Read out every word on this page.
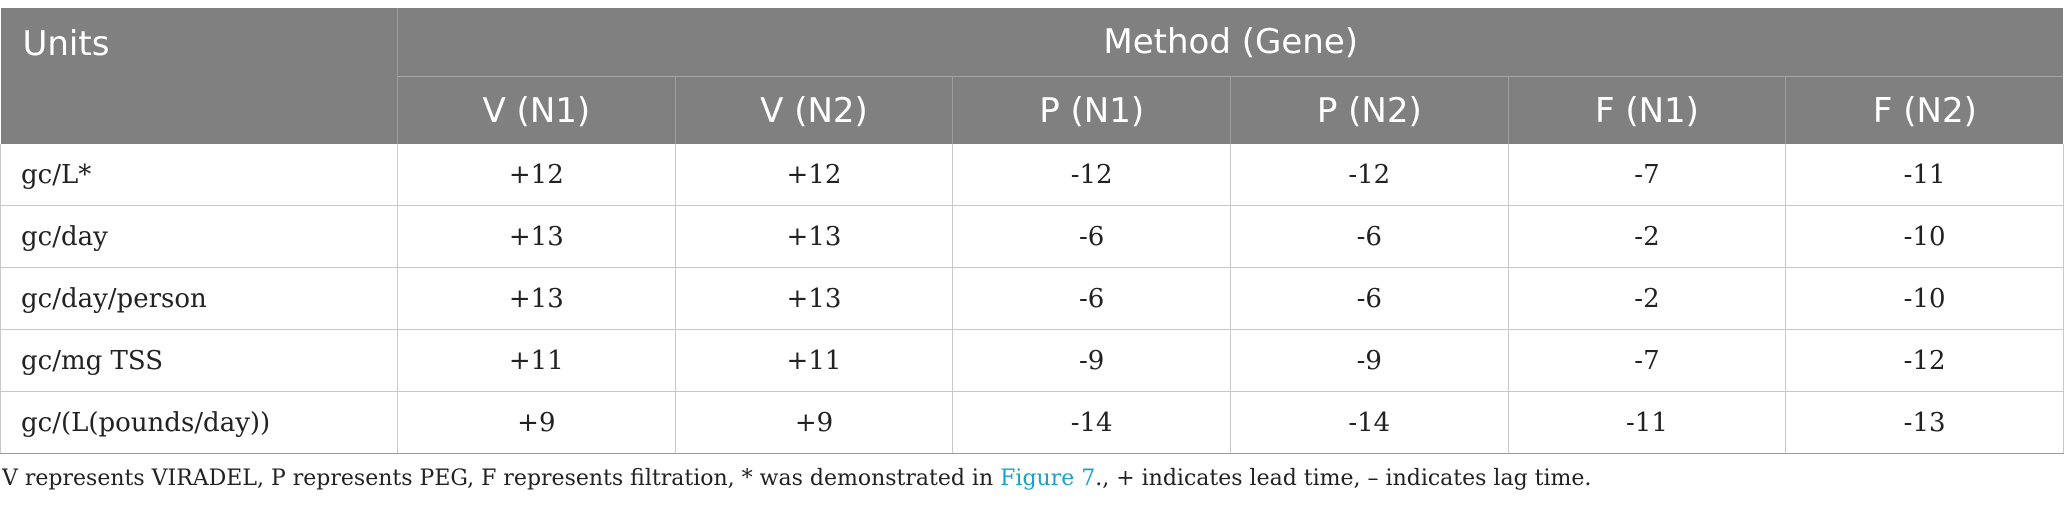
Units	Method (Gene)					
	V (N1)	V (N2)	P (N1)	P (N2)	F (N1)	F (N2)
gc/L*	+12	+12	-12	-12	-7	-11
gc/day	+13	+13	-6	-6	-2	-10
gc/day/person	+13	+13	-6	-6	-2	-10
gc/mg TSS	+11	+11	-9	-9	-7	-12
gc/(L(pounds/day))	+9	+9	-14	-14	-11	-13
V represents VIRADEL, P represents PEG, F represents filtration, * was demonstrated in Figure 7., + indicates lead time, – indicates lag time.
